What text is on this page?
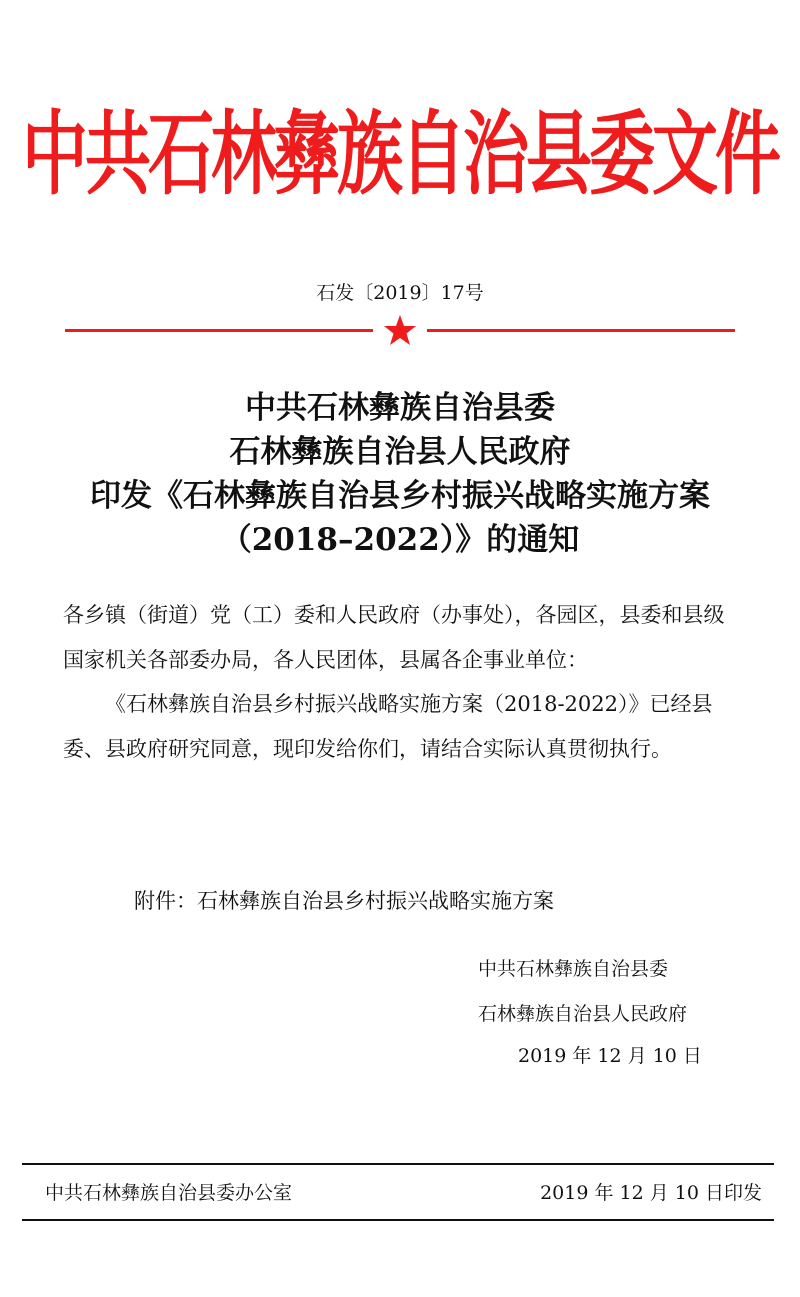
中共石林彝族自治县委文件
石发〔2019〕17号
中共石林彝族自治县委
石林彝族自治县人民政府
印发《石林彝族自治县乡村振兴战略实施方案
（2018–2022）》的通知

各乡镇（街道）党（工）委和人民政府（办事处），各园区，县委和县级国家机关各部委办局，各人民团体，县属各企事业单位：

《石林彝族自治县乡村振兴战略实施方案（2018-2022）》已经县委、县政府研究同意，现印发给你们，请结合实际认真贯彻执行。

附件：石林彝族自治县乡村振兴战略实施方案
中共石林彝族自治县委
石林彝族自治县人民政府
2019 年 12 月 10 日
中共石林彝族自治县委办公室	2019 年 12 月 10 日印发
